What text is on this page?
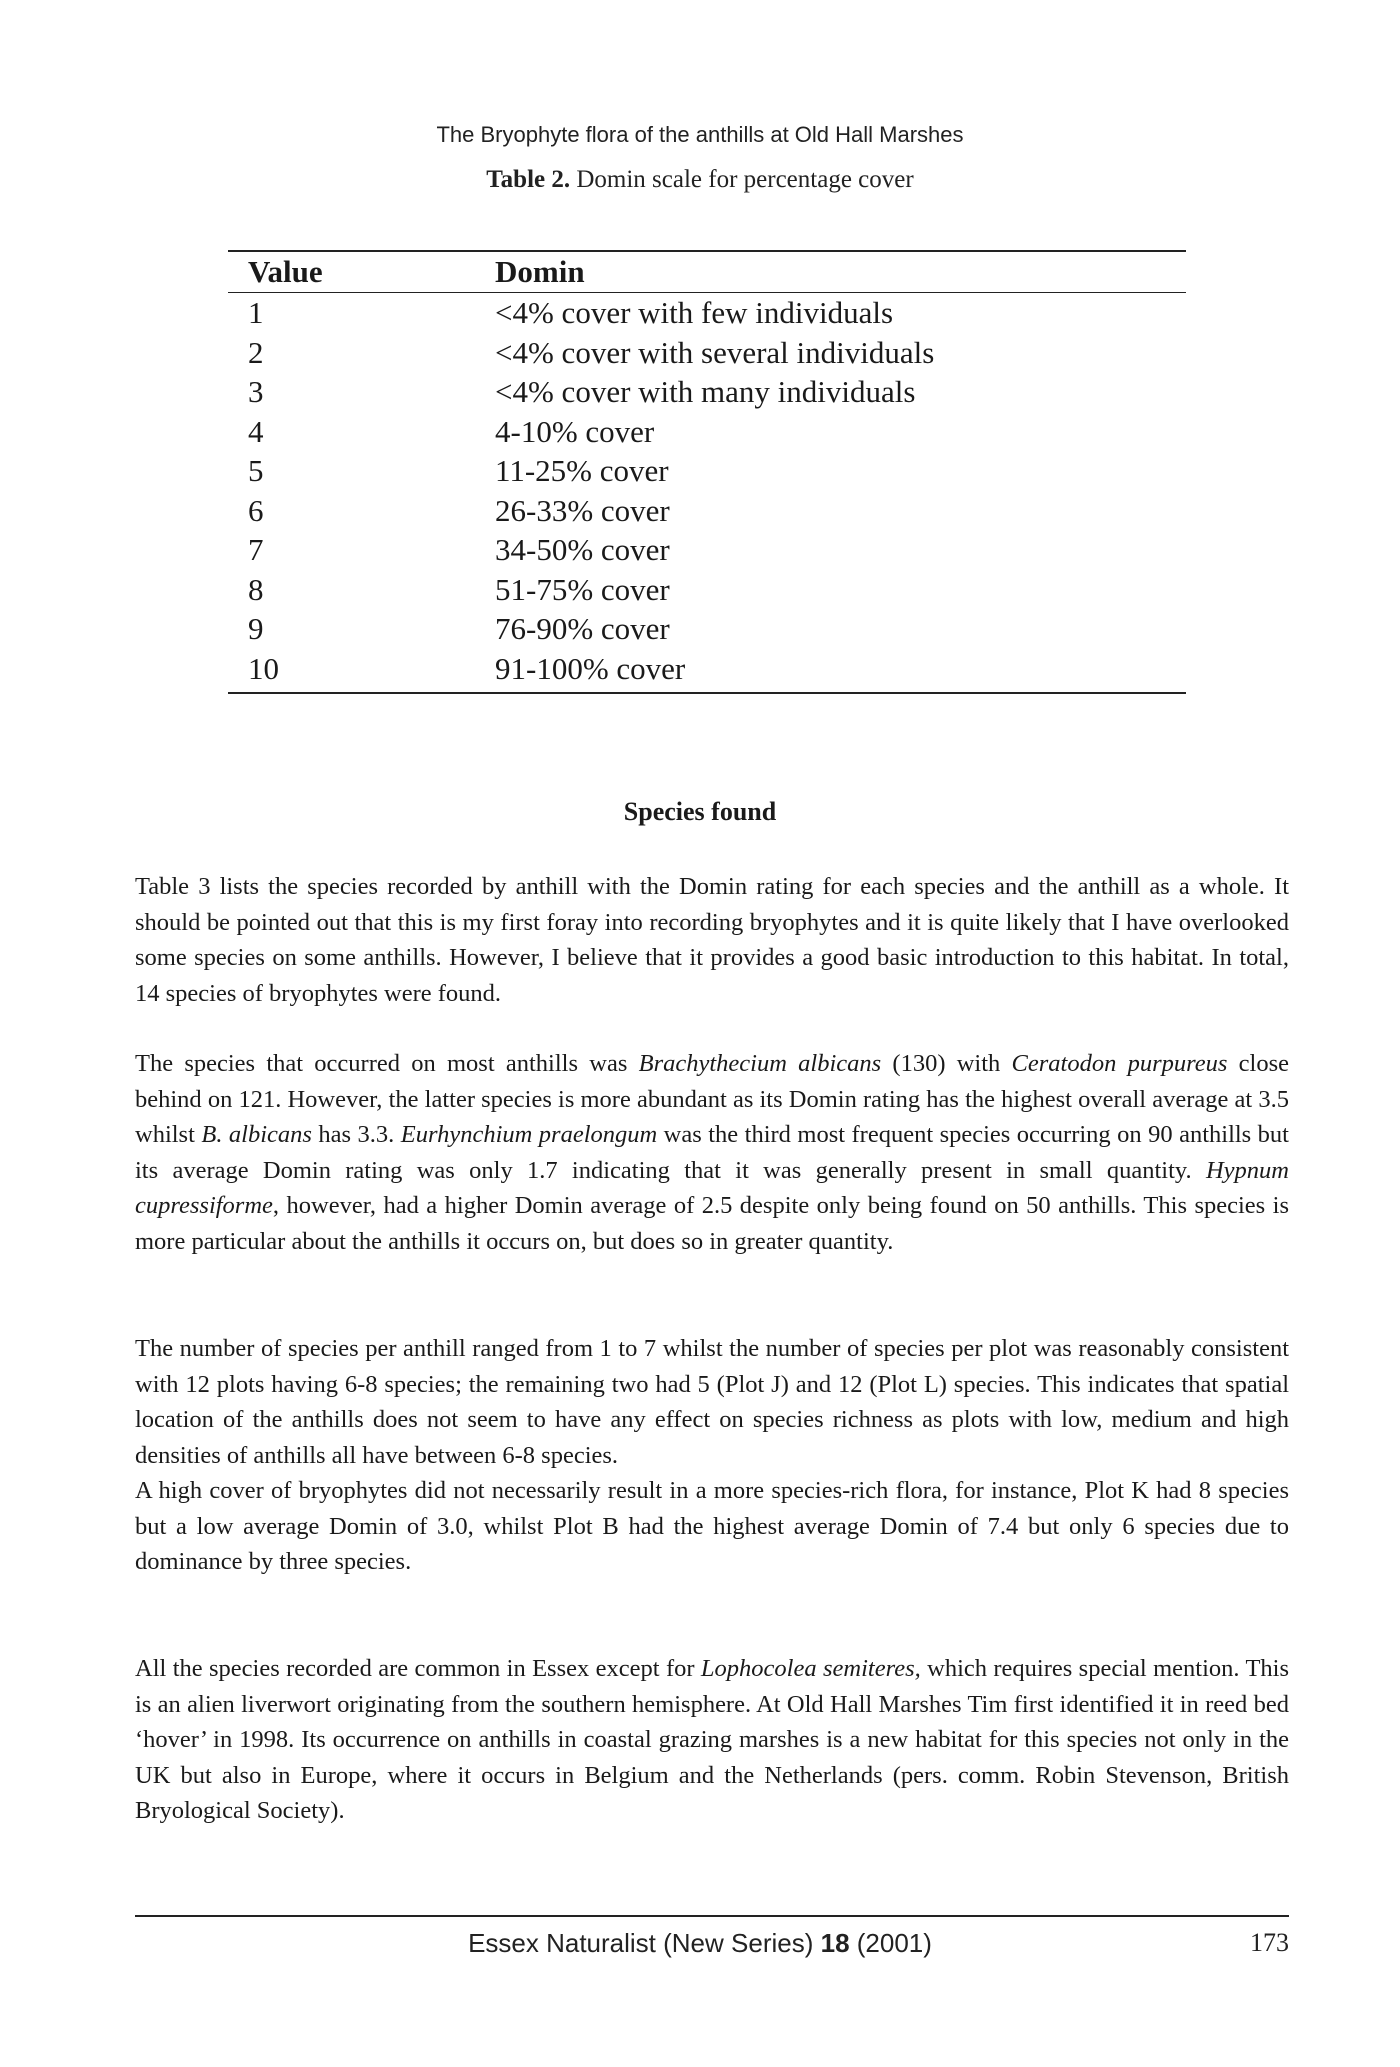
The Bryophyte flora of the anthills at Old Hall Marshes
Table 2. Domin scale for percentage cover
Value	Domin
1	<4% cover with few individuals
2	<4% cover with several individuals
3	<4% cover with many individuals
4	4-10% cover
5	11-25% cover
6	26-33% cover
7	34-50% cover
8	51-75% cover
9	76-90% cover
10	91-100% cover
Species found

Table 3 lists the species recorded by anthill with the Domin rating for each species and the anthill as a whole. It should be pointed out that this is my first foray into recording bryophytes and it is quite likely that I have overlooked some species on some anthills. However, I believe that it provides a good basic introduction to this habitat. In total, 14 species of bryophytes were found.

The species that occurred on most anthills was Brachythecium albicans (130) with Ceratodon purpureus close behind on 121. However, the latter species is more abundant as its Domin rating has the highest overall average at 3.5 whilst B. albicans has 3.3. Eurhynchium praelongum was the third most frequent species occurring on 90 anthills but its average Domin rating was only 1.7 indicating that it was generally present in small quantity. Hypnum cupressiforme, however, had a higher Domin average of 2.5 despite only being found on 50 anthills. This species is more particular about the anthills it occurs on, but does so in greater quantity.

The number of species per anthill ranged from 1 to 7 whilst the number of species per plot was reasonably consistent with 12 plots having 6-8 species; the remaining two had 5 (Plot J) and 12 (Plot L) species. This indicates that spatial location of the anthills does not seem to have any effect on species richness as plots with low, medium and high densities of anthills all have between 6-8 species.

A high cover of bryophytes did not necessarily result in a more species-rich flora, for instance, Plot K had 8 species but a low average Domin of 3.0, whilst Plot B had the highest average Domin of 7.4 but only 6 species due to dominance by three species.

All the species recorded are common in Essex except for Lophocolea semiteres, which requires special mention. This is an alien liverwort originating from the southern hemisphere. At Old Hall Marshes Tim first identified it in reed bed ‘hover’ in 1998. Its occurrence on anthills in coastal grazing marshes is a new habitat for this species not only in the UK but also in Europe, where it occurs in Belgium and the Netherlands (pers. comm. Robin Stevenson, British Bryological Society).

Essex Naturalist (New Series) 18 (2001)	173
